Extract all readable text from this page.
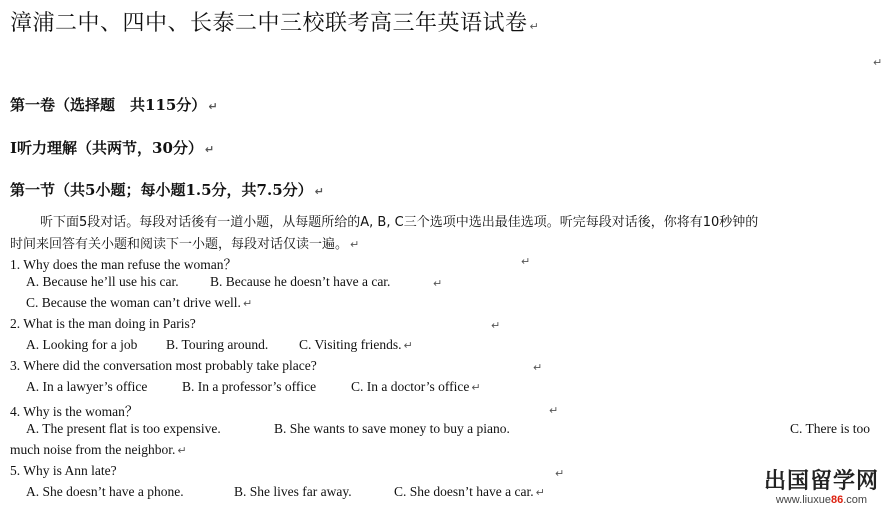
漳浦二中、四中、长泰二中三校联考高三年英语试卷 ↵
↵
第一卷（选择题　共115分） ↵
I听力理解（共两节，30分） ↵
第一节（共5小题；每小题1.5分，共7.5分） ↵
听下面5段对话。每段对话後有一道小题，从每题所给的A, B, C三个选项中选出最佳选项。听完每段对话後，你将有10秒钟的
时间来回答有关小题和阅读下一小题，每段对话仅读一遍。 ↵
1. Why does the man refuse the woman？	↵
A. Because he’ll use his car. B. Because he doesn’t have a car.	↵
C. Because the woman can’t drive well. ↵
2. What is the man doing in Paris?	↵
A. Looking for a job B. Touring around. C. Visiting friends. ↵
3. Where did the conversation most probably take place?	↵
A. In a lawyer’s office	B. In a professor’s office	C. In a doctor’s office ↵
4. Why is the woman？	↵
A. The present flat is too expensive.	B. She wants to save money to buy a piano.	C. There is too
much noise from the neighbor. ↵
5. Why is Ann late?	↵
A. She doesn’t have a phone.	B. She lives far away.	C. She doesn’t have a car. ↵	出国留学网
www.liuxue86.com
